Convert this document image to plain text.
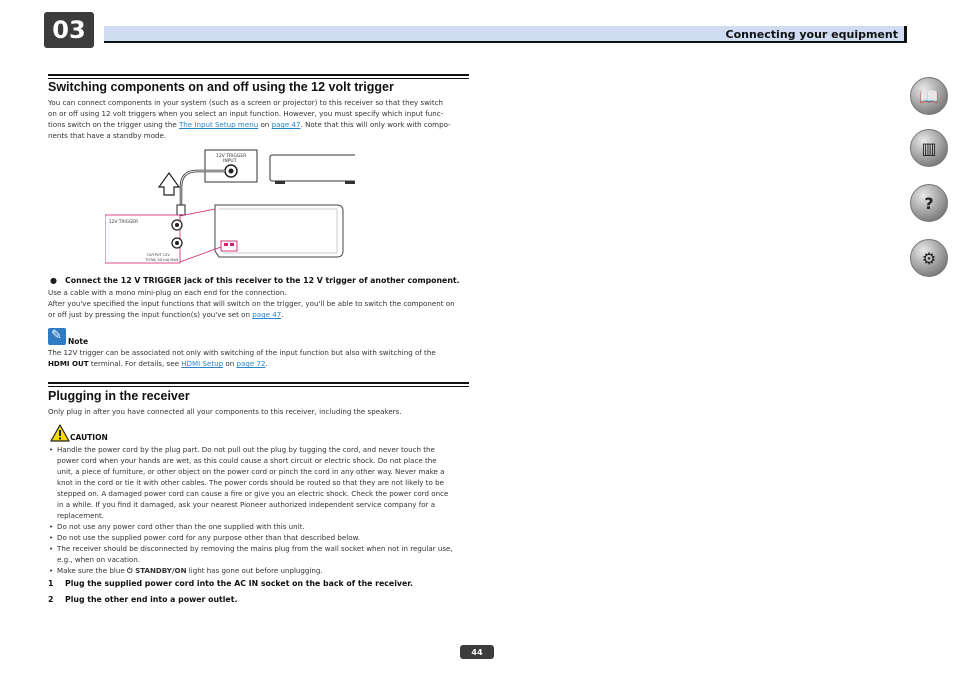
03	Connecting your equipment
📖
▥
?
⚙
Switching components on and off using the 12 volt trigger
You can connect components in your system (such as a screen or projector) to this receiver so that they switch
on or off using 12 volt triggers when you select an input function. However, you must specify which input func-
tions switch on the trigger using the The Input Setup menu on page 47. Note that this will only work with compo-
nents that have a standby mode.
12V TRIGGER
INPUT
12V TRIGGER
OUTPUT 12V
TOTAL 50 mA MAX
● Connect the 12 V TRIGGER jack of this receiver to the 12 V trigger of another component.
Use a cable with a mono mini-plug on each end for the connection.
After you've specified the input functions that will switch on the trigger, you'll be able to switch the component on
or off just by pressing the input function(s) you've set on page 47.
✎
Note
The 12V trigger can be associated not only with switching of the input function but also with switching of the
HDMI OUT terminal. For details, see HDMI Setup on page 72.
Plugging in the receiver
Only plug in after you have connected all your components to this receiver, including the speakers.
CAUTION
• Handle the power cord by the plug part. Do not pull out the plug by tugging the cord, and never touch the
power cord when your hands are wet, as this could cause a short circuit or electric shock. Do not place the
unit, a piece of furniture, or other object on the power cord or pinch the cord in any other way. Never make a
knot in the cord or tie it with other cables. The power cords should be routed so that they are not likely to be
stepped on. A damaged power cord can cause a fire or give you an electric shock. Check the power cord once
in a while. If you find it damaged, ask your nearest Pioneer authorized independent service company for a
replacement.
• Do not use any power cord other than the one supplied with this unit.
• Do not use the supplied power cord for any purpose other than that described below.
• The receiver should be disconnected by removing the mains plug from the wall socket when not in regular use,
e.g., when on vacation.
• Make sure the blue ⏻ STANDBY/ON light has gone out before unplugging.
1 Plug the supplied power cord into the AC IN socket on the back of the receiver.
2 Plug the other end into a power outlet.
44
